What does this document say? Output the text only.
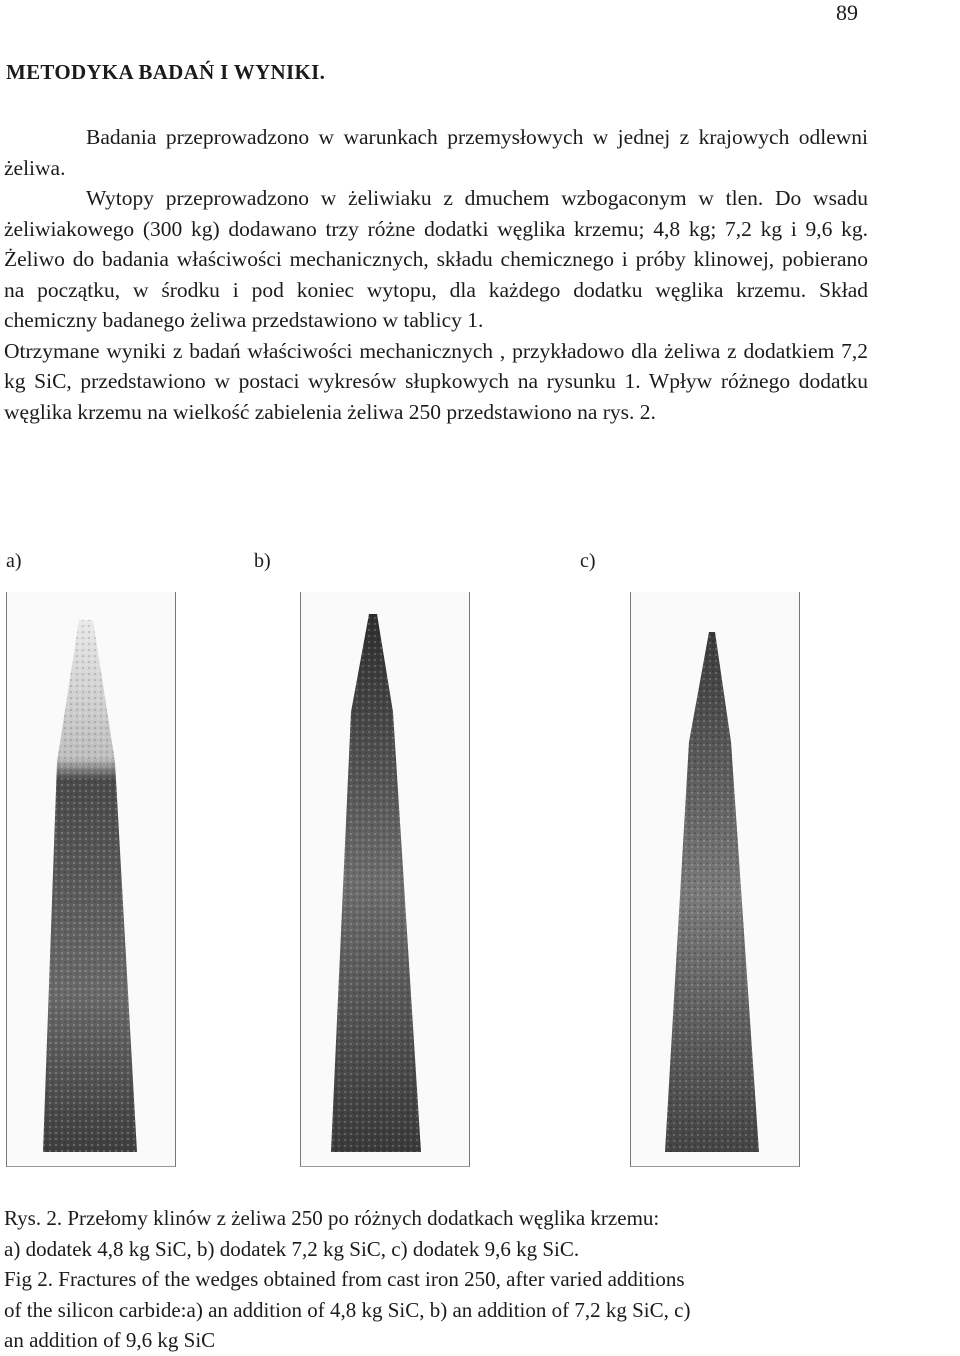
89
METODYKA BADAŃ I WYNIKI.

Badania przeprowadzono w warunkach przemysłowych w jednej z krajowych odlewni żeliwa.

Wytopy przeprowadzono w żeliwiaku z dmuchem wzbogaconym w tlen. Do wsadu żeliwiakowego (300 kg) dodawano trzy różne dodatki węglika krzemu; 4,8 kg; 7,2 kg i 9,6 kg. Żeliwo do badania właściwości mechanicznych, składu chemicznego i próby klinowej, pobierano na początku, w środku i pod koniec wytopu, dla każdego dodatku węglika krzemu. Skład chemiczny badanego żeliwa przedstawiono w tablicy 1.

Otrzymane wyniki z badań właściwości mechanicznych , przykładowo dla żeliwa z dodatkiem 7,2 kg SiC, przedstawiono w postaci wykresów słupkowych na rysunku 1. Wpływ różnego dodatku węglika krzemu na wielkość zabielenia żeliwa 250 przedstawiono na rys. 2.

a)	b)	c)
Rys. 2. Przełomy klinów z żeliwa 250 po różnych dodatkach węglika krzemu:
a) dodatek 4,8 kg SiC, b) dodatek 7,2 kg SiC, c) dodatek 9,6 kg SiC.
Fig 2. Fractures of the wedges obtained from cast iron 250, after varied additions
of the silicon carbide:a) an addition of 4,8 kg SiC, b) an addition of 7,2 kg SiC, c)
an addition of 9,6 kg SiC
